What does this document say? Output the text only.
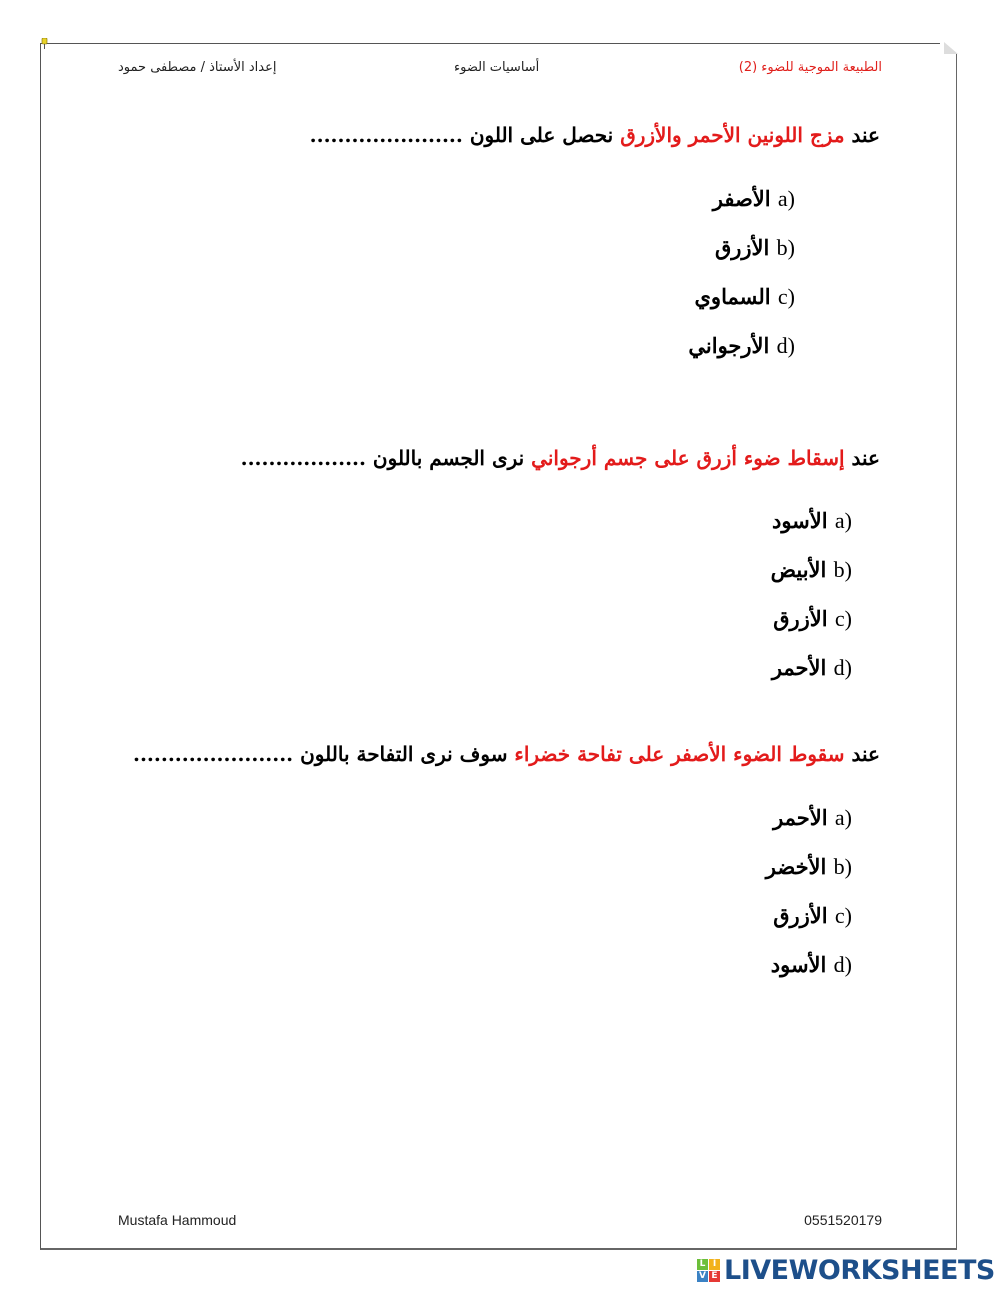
الطبيعة الموجية للضوء (2)
أساسيات الضوء
إعداد الأستاذ / مصطفى حمود
عند مزج اللونين الأحمر والأزرق نحصل على اللون ......................
الأصفر a)
الأزرق b)
السماوي c)
الأرجواني d)
عند إسقاط ضوء أزرق على جسم أرجواني نرى الجسم باللون ..................
الأسود a)
الأبيض b)
الأزرق c)
الأحمر d)
عند سقوط الضوء الأصفر على تفاحة خضراء سوف نرى التفاحة باللون .......................
الأحمر a)
الأخضر b)
الأزرق c)
الأسود d)
Mustafa Hammoud	0551520179
L I
V E LIVEWORKSHEETS
